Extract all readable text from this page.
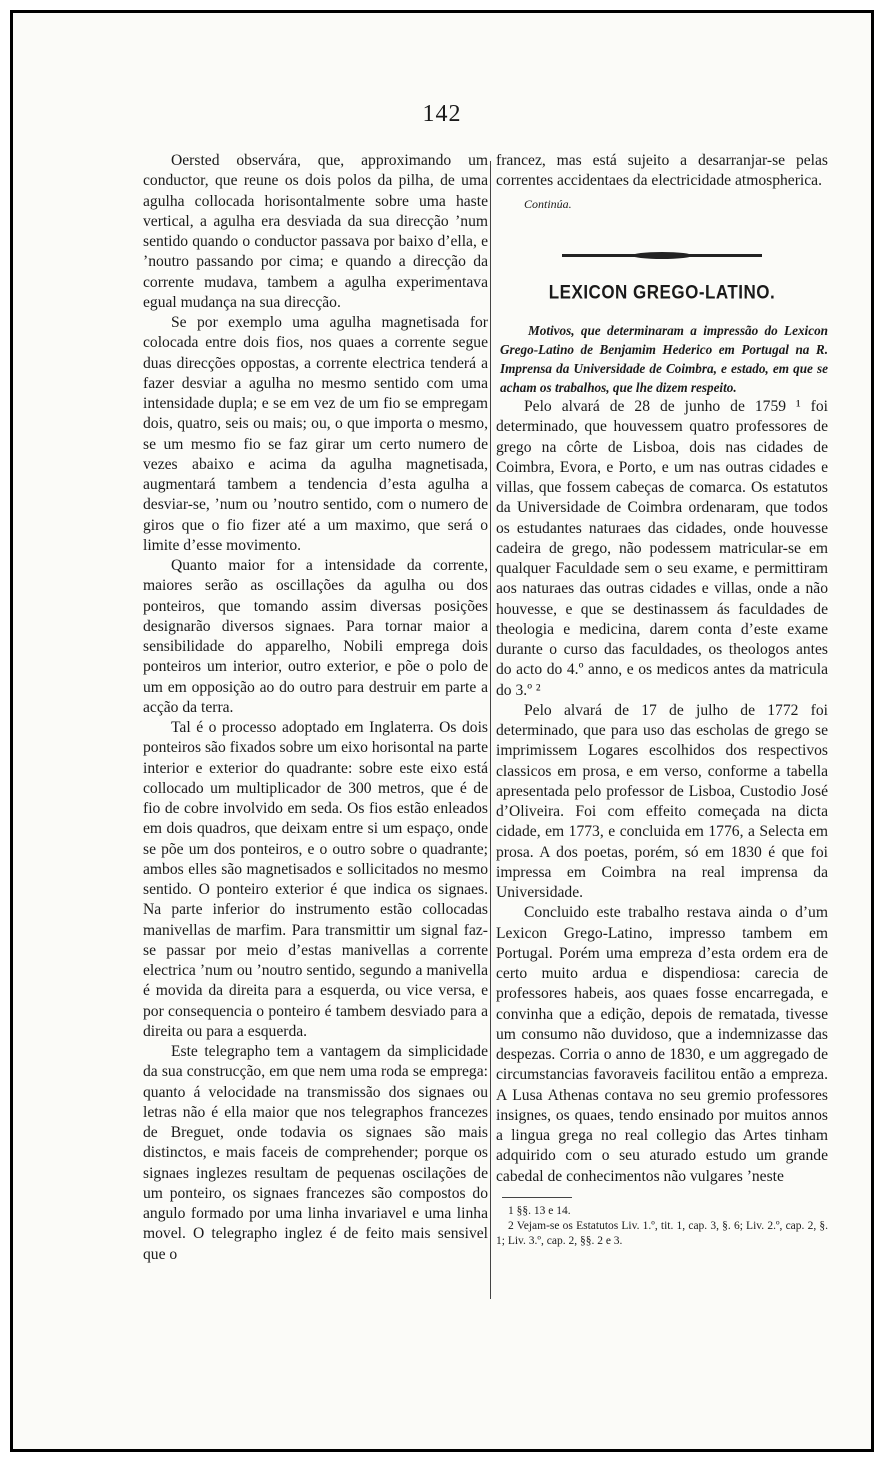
142

Oersted observára, que, approximando um conductor, que reune os dois polos da pilha, de uma agulha collocada horisontalmente sobre uma haste vertical, a agulha era desviada da sua direcção ’num sentido quando o conductor passava por baixo d’ella, e ’noutro passando por cima; e quando a direcção da corrente mudava, tambem a agulha experimentava egual mudança na sua direcção.

Se por exemplo uma agulha magnetisada for colocada entre dois fios, nos quaes a corrente segue duas direcções oppostas, a corrente electrica tenderá a fazer desviar a agulha no mesmo sentido com uma intensidade dupla; e se em vez de um fio se empregam dois, quatro, seis ou mais; ou, o que importa o mesmo, se um mesmo fio se faz girar um certo numero de vezes abaixo e acima da agulha magnetisada, augmentará tambem a tendencia d’esta agulha a desviar-se, ’num ou ’noutro sentido, com o numero de giros que o fio fizer até a um maximo, que será o limite d’esse movimento.

Quanto maior for a intensidade da corrente, maiores serão as oscillações da agulha ou dos ponteiros, que tomando assim diversas posições designarão diversos signaes. Para tornar maior a sensibilidade do apparelho, Nobili emprega dois ponteiros um interior, outro exterior, e põe o polo de um em opposição ao do outro para destruir em parte a acção da terra.

Tal é o processo adoptado em Inglaterra. Os dois ponteiros são fixados sobre um eixo horisontal na parte interior e exterior do quadrante: sobre este eixo está collocado um multiplicador de 300 metros, que é de fio de cobre involvido em seda. Os fios estão enleados em dois quadros, que deixam entre si um espaço, onde se põe um dos ponteiros, e o outro sobre o quadrante; ambos elles são magnetisados e sollicitados no mesmo sentido. O ponteiro exterior é que indica os signaes. Na parte inferior do instrumento estão collocadas manivellas de marfim. Para transmittir um signal faz-se passar por meio d’estas manivellas a corrente electrica ’num ou ’noutro sentido, segundo a manivella é movida da direita para a esquerda, ou vice versa, e por consequencia o ponteiro é tambem desviado para a direita ou para a esquerda.

Este telegrapho tem a vantagem da simplicidade da sua construcção, em que nem uma roda se emprega: quanto á velocidade na transmissão dos signaes ou letras não é ella maior que nos telegraphos francezes de Breguet, onde todavia os signaes são mais distinctos, e mais faceis de comprehender; porque os signaes inglezes resultam de pequenas oscilações de um ponteiro, os signaes francezes são compostos do angulo formado por uma linha invariavel e uma linha movel. O telegrapho inglez é de feito mais sensivel que o

francez, mas está sujeito a desarranjar-se pelas correntes accidentaes da electricidade atmospherica.

Continúa.
LEXICON GREGO-LATINO.

Motivos, que determinaram a impressão do Lexicon Grego-Latino de Benjamim Hederico em Portugal na R. Imprensa da Universidade de Coimbra, e estado, em que se acham os trabalhos, que lhe dizem respeito.

Pelo alvará de 28 de junho de 1759 ¹ foi determinado, que houvessem quatro professores de grego na côrte de Lisboa, dois nas cidades de Coimbra, Evora, e Porto, e um nas outras cidades e villas, que fossem cabeças de comarca. Os estatutos da Universidade de Coimbra ordenaram, que todos os estudantes naturaes das cidades, onde houvesse cadeira de grego, não podessem matricular-se em qualquer Faculdade sem o seu exame, e permittiram aos naturaes das outras cidades e villas, onde a não houvesse, e que se destinassem ás faculdades de theologia e medicina, darem conta d’este exame durante o curso das faculdades, os theologos antes do acto do 4.º anno, e os medicos antes da matricula do 3.º ²

Pelo alvará de 17 de julho de 1772 foi determinado, que para uso das escholas de grego se imprimissem Logares escolhidos dos respectivos classicos em prosa, e em verso, conforme a tabella apresentada pelo professor de Lisboa, Custodio José d’Oliveira. Foi com effeito começada na dicta cidade, em 1773, e concluida em 1776, a Selecta em prosa. A dos poetas, porém, só em 1830 é que foi impressa em Coimbra na real imprensa da Universidade.

Concluido este trabalho restava ainda o d’um Lexicon Grego-Latino, impresso tambem em Portugal. Porém uma empreza d’esta ordem era de certo muito ardua e dispendiosa: carecia de professores habeis, aos quaes fosse encarregada, e convinha que a edição, depois de rematada, tivesse um consumo não duvidoso, que a indemnizasse das despezas. Corria o anno de 1830, e um aggregado de circumstancias favoraveis facilitou então a empreza. A Lusa Athenas contava no seu gremio professores insignes, os quaes, tendo ensinado por muitos annos a lingua grega no real collegio das Artes tinham adquirido com o seu aturado estudo um grande cabedal de conhecimentos não vulgares ’neste

1 §§. 13 e 14.
2 Vejam-se os Estatutos Liv. 1.º, tit. 1, cap. 3, §. 6; Liv. 2.º, cap. 2, §. 1; Liv. 3.º, cap. 2, §§. 2 e 3.
